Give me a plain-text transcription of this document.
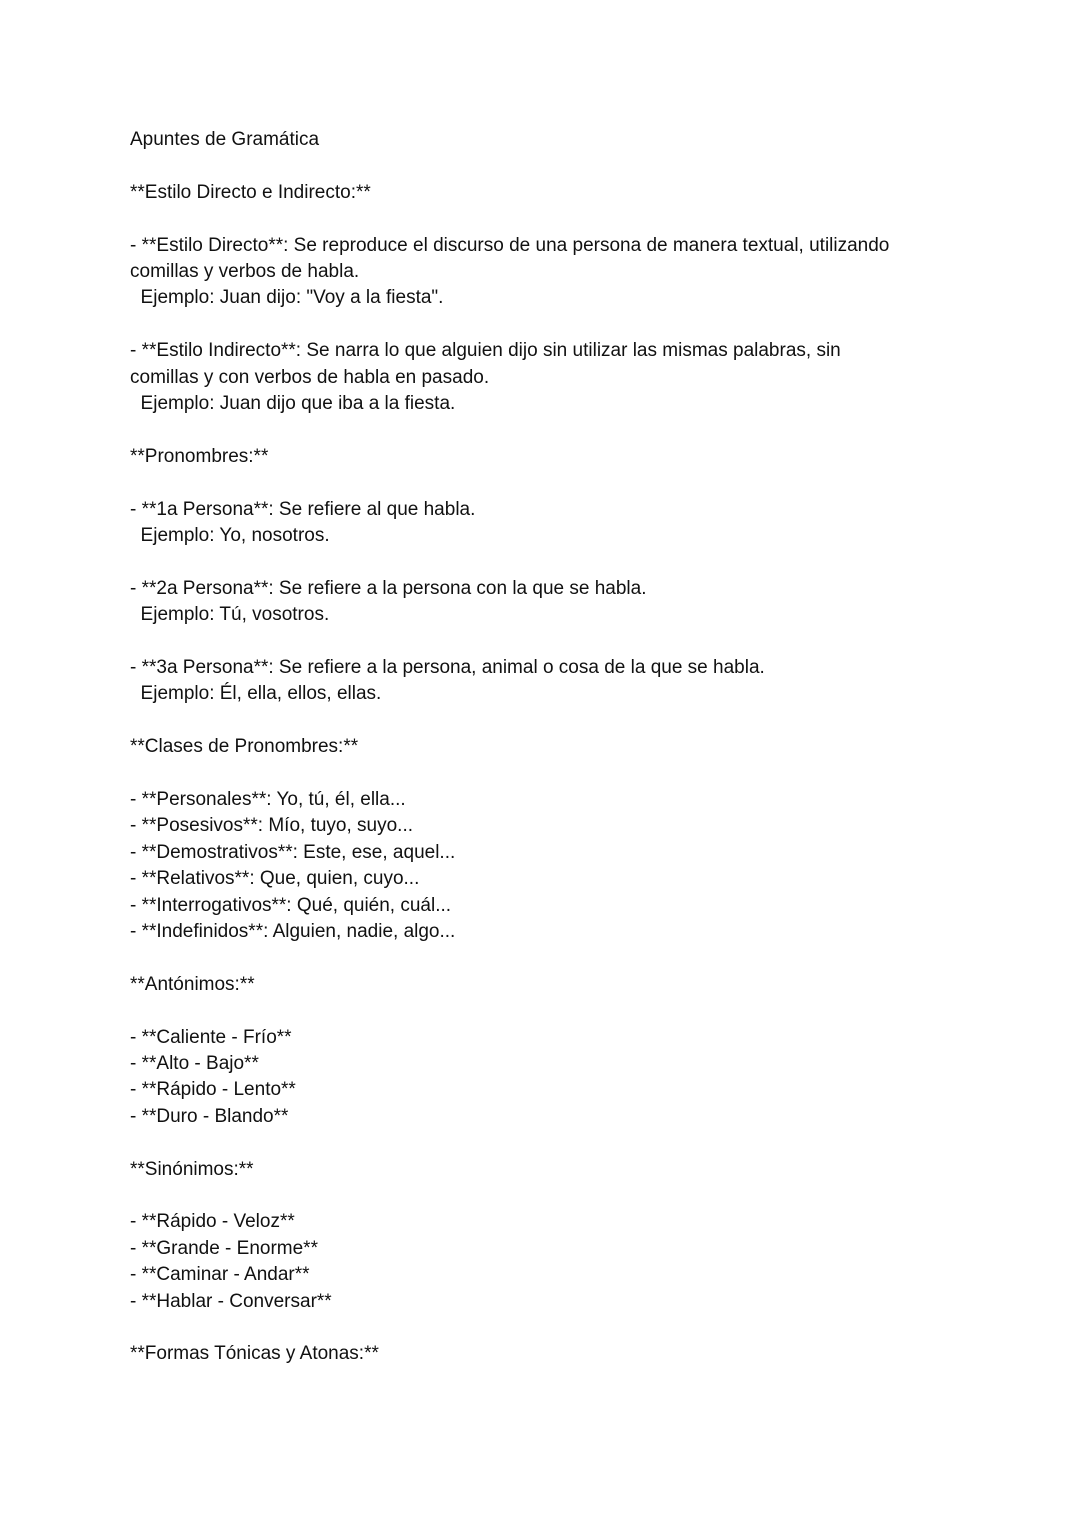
Apuntes de Gramática
**Estilo Directo e Indirecto:**
- **Estilo Directo**: Se reproduce el discurso de una persona de manera textual, utilizando
comillas y verbos de habla.
Ejemplo: Juan dijo: "Voy a la fiesta".
- **Estilo Indirecto**: Se narra lo que alguien dijo sin utilizar las mismas palabras, sin
comillas y con verbos de habla en pasado.
Ejemplo: Juan dijo que iba a la fiesta.
**Pronombres:**
- **1a Persona**: Se refiere al que habla.
Ejemplo: Yo, nosotros.
- **2a Persona**: Se refiere a la persona con la que se habla.
Ejemplo: Tú, vosotros.
- **3a Persona**: Se refiere a la persona, animal o cosa de la que se habla.
Ejemplo: Él, ella, ellos, ellas.
**Clases de Pronombres:**
- **Personales**: Yo, tú, él, ella...
- **Posesivos**: Mío, tuyo, suyo...
- **Demostrativos**: Este, ese, aquel...
- **Relativos**: Que, quien, cuyo...
- **Interrogativos**: Qué, quién, cuál...
- **Indefinidos**: Alguien, nadie, algo...
**Antónimos:**
- **Caliente - Frío**
- **Alto - Bajo**
- **Rápido - Lento**
- **Duro - Blando**
**Sinónimos:**
- **Rápido - Veloz**
- **Grande - Enorme**
- **Caminar - Andar**
- **Hablar - Conversar**
**Formas Tónicas y Atonas:**
